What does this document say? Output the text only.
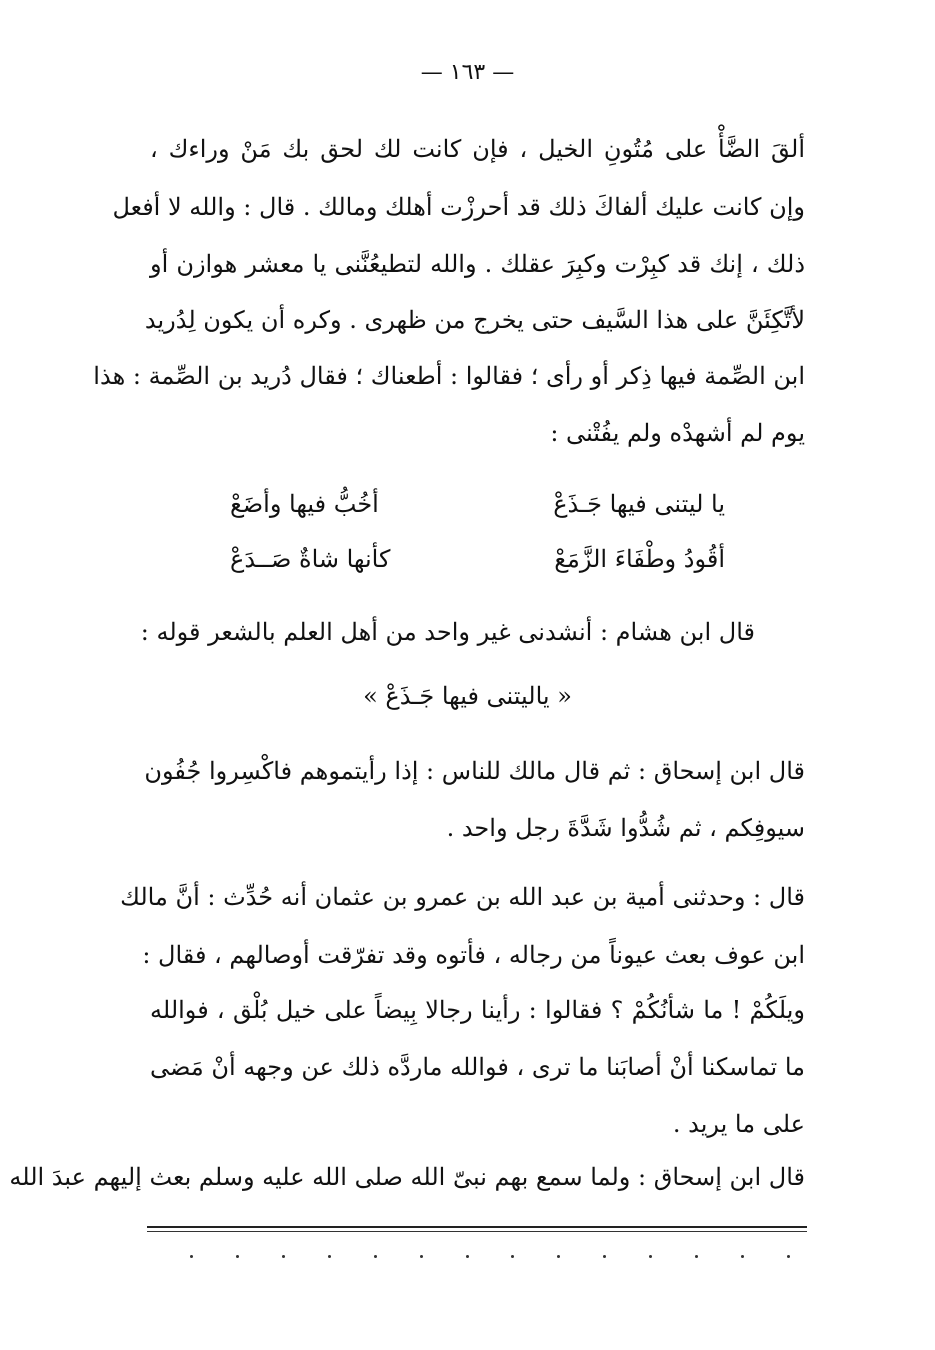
— ١٦٣ —
ألقَ الضَّأْ على مُتُونِ الخيل ، فإن كانت لك لحق بك مَنْ وراءك ،
وإن كانت عليك ألفاكَ ذلك قد أحرزْت أهلك ومالك . قال : والله لا أفعل
ذلك ، إنك قد كبِرْت وكبِرَ عقلك . والله لتطيعُنَّنى يا معشر هوازن أو
لأتَّكِئَنَّ على هذا السَّيف حتى يخرج من ظهرى . وكره أن يكون لِدُريد
ابن الصِّمة فيها ذِكر أو رأى ؛ فقالوا : أطعناك ؛ فقال دُريد بن الصِّمة : هذا
يوم لم أشهدْه ولم يفُتْنى :
يا ليتنى فيها جَـذَعْ
أخُبُّ فيها وأضَعْ
أقُودُ وطْفَاءَ الزَّمَعْ
كأنها شاةٌ صَــدَعْ
قال ابن هشام : أنشدنى غير واحد من أهل العلم بالشعر قوله :
« ياليتنى فيها جَـذَعْ »
قال ابن إسحاق : ثم قال مالك للناس : إذا رأيتموهم فاكْسِروا جُفُون
سيوفِكم ، ثم شُدُّوا شَدَّةَ رجل واحد .
قال : وحدثنى أمية بن عبد الله بن عمرو بن عثمان أنه حُدِّث : أنَّ مالك
ابن عوف بعث عيوناً من رجاله ، فأتوه وقد تفرّقت أوصالهم ، فقال :
ويلَكُمْ ! ما شأنُكُمْ ؟ فقالوا : رأينا رجالا بِيضاً على خيل بُلْق ، فوالله
ما تماسكنا أنْ أصابَنا ما ترى ، فوالله ماردَّه ذلك عن وجهه أنْ مَضى
على ما يريد .
قال ابن إسحاق : ولما سمع بهم نبىّ الله صلى الله عليه وسلم بعث إليهم عبدَ الله
